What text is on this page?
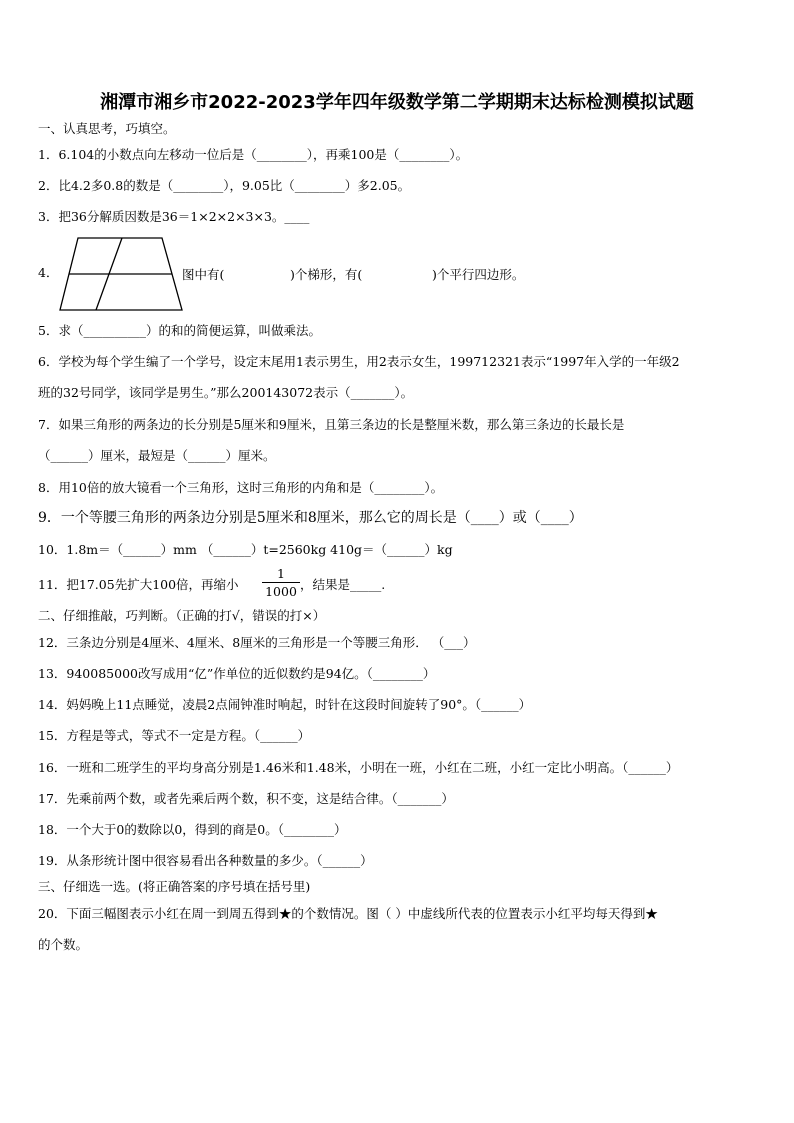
湘潭市湘乡市2022-2023学年四年级数学第二学期期末达标检测模拟试题
一、认真思考，巧填空。
1．6.104的小数点向左移动一位后是（________），再乘100是（________）。
2．比4.2多0.8的数是（________），9.05比（________）多2.05。
3．把36分解质因数是36＝1×2×2×3×3。____
4．	图中有(	)个梯形，有(	)个平行四边形。
5．求（__________）的和的简便运算，叫做乘法。
6．学校为每个学生编了一个学号，设定末尾用1表示男生，用2表示女生，199712321表示“1997年入学的一年级2
班的32号同学，该同学是男生。”那么200143072表示（_______）。
7．如果三角形的两条边的长分别是5厘米和9厘米，且第三条边的长是整厘米数，那么第三条边的长最长是
（______）厘米，最短是（______）厘米。
8．用10倍的放大镜看一个三角形，这时三角形的内角和是（________）。
9．一个等腰三角形的两条边分别是5厘米和8厘米，那么它的周长是（____）或（____）
10．1.8m＝（______）mm （______）t=2560kg 410g＝（______）kg
11．把17.05先扩大100倍，再缩小	$\frac{1}{1000}$ ，结果是_____.
二、仔细推敲，巧判断。（正确的打√，错误的打×）
12．三条边分别是4厘米、4厘米、8厘米的三角形是一个等腰三角形． （___）
13．940085000改写成用“亿”作单位的近似数约是94亿。（________）
14．妈妈晚上11点睡觉，凌晨2点闹钟准时响起，时针在这段时间旋转了90°。（______）
15．方程是等式，等式不一定是方程。（______）
16．一班和二班学生的平均身高分别是1.46米和1.48米，小明在一班，小红在二班，小红一定比小明高。（______）
17．先乘前两个数，或者先乘后两个数，积不变，这是结合律。（_______）
18．一个大于0的数除以0，得到的商是0。（________）
19．从条形统计图中很容易看出各种数量的多少。（______）
三、仔细选一选。(将正确答案的序号填在括号里)
20．下面三幅图表示小红在周一到周五得到★的个数情况。图（ ）中虚线所代表的位置表示小红平均每天得到★
的个数。
